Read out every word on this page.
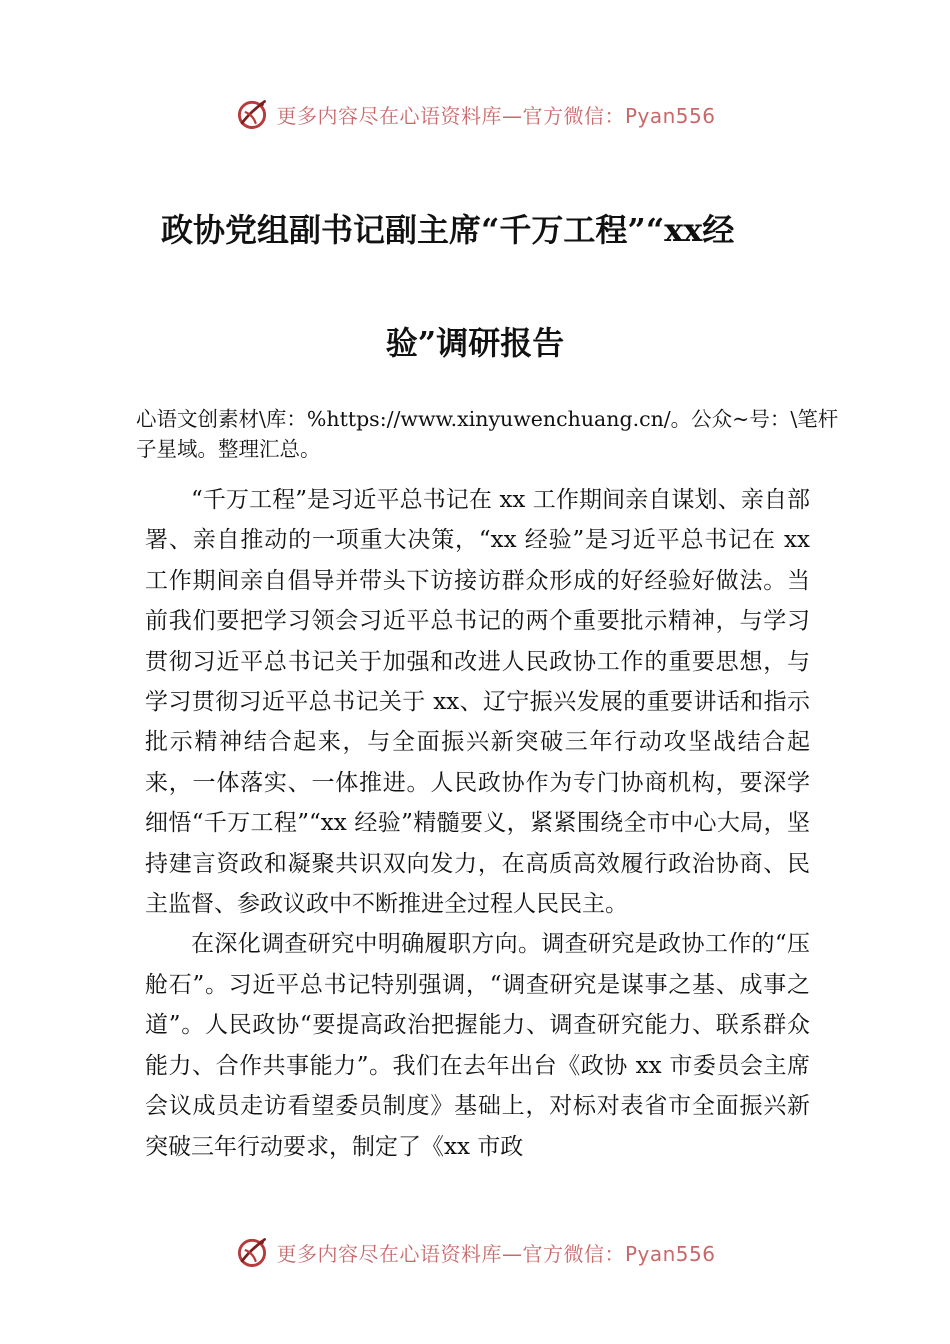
更多内容尽在心语资料库—官方微信：Pyan556
政协党组副书记副主席“千万工程”“xx经
验”调研报告
心语文创素材\库：%https://www.xinyuwenchuang.cn/。公众~号：\笔杆子星域。整理汇总。

“千万工程”是习近平总书记在 xx 工作期间亲自谋划、亲自部署、亲自推动的一项重大决策，“xx 经验”是习近平总书记在 xx 工作期间亲自倡导并带头下访接访群众形成的好经验好做法。当前我们要把学习领会习近平总书记的两个重要批示精神，与学习贯彻习近平总书记关于加强和改进人民政协工作的重要思想，与学习贯彻习近平总书记关于 xx、辽宁振兴发展的重要讲话和指示批示精神结合起来，与全面振兴新突破三年行动攻坚战结合起来，一体落实、一体推进。人民政协作为专门协商机构，要深学细悟“千万工程”“xx 经验”精髓要义，紧紧围绕全市中心大局，坚持建言资政和凝聚共识双向发力，在高质高效履行政治协商、民主监督、参政议政中不断推进全过程人民民主。

在深化调查研究中明确履职方向。调查研究是政协工作的“压舱石”。习近平总书记特别强调，“调查研究是谋事之基、成事之道”。人民政协“要提高政治把握能力、调查研究能力、联系群众能力、合作共事能力”。我们在去年出台《政协 xx 市委员会主席会议成员走访看望委员制度》基础上，对标对表省市全面振兴新突破三年行动要求，制定了《xx 市政

更多内容尽在心语资料库—官方微信：Pyan556
